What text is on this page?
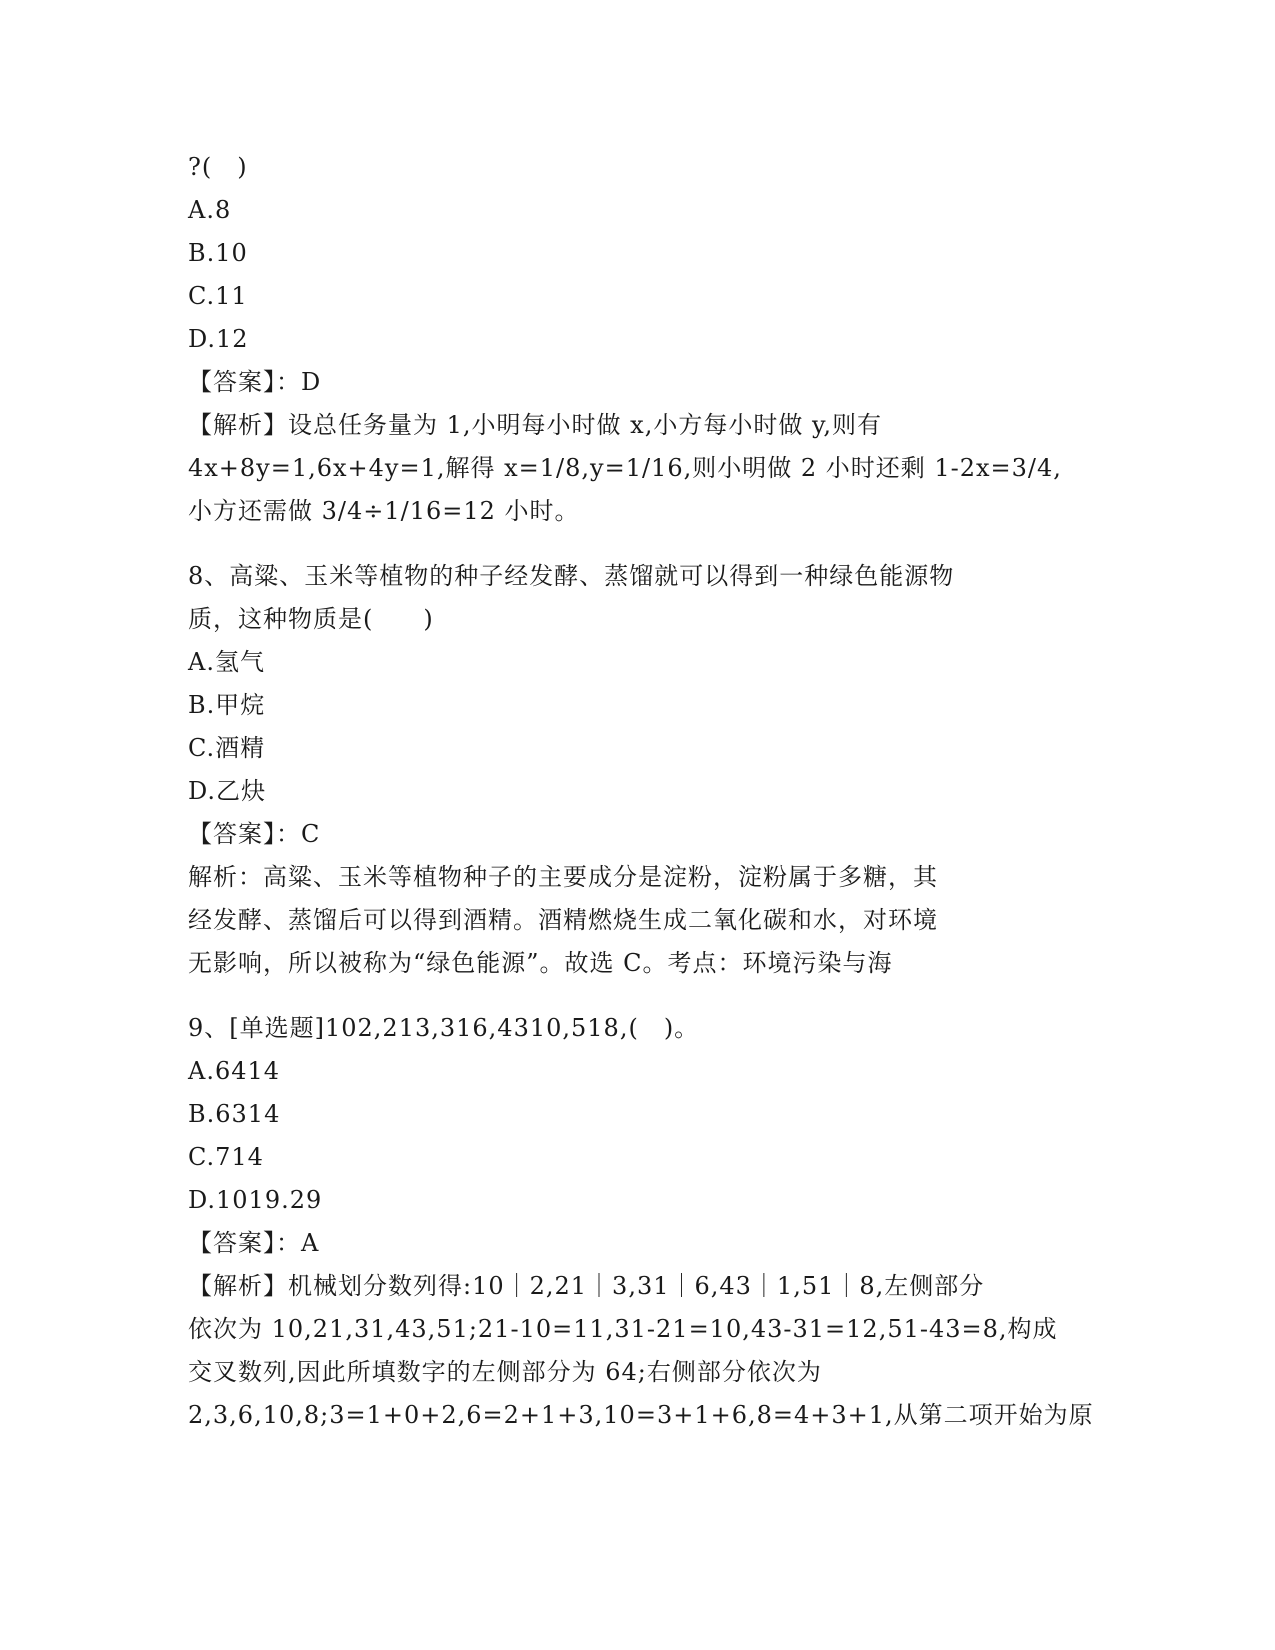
?(　)
A.8
B.10
C.11
D.12
【答案】：D
【解析】设总任务量为 1,小明每小时做 x,小方每小时做 y,则有
4x+8y=1,6x+4y=1,解得 x=1/8,y=1/16,则小明做 2 小时还剩 1-2x=3/4,
小方还需做 3/4÷1/16=12 小时。
8、高粱、玉米等植物的种子经发酵、蒸馏就可以得到一种绿色能源物
质，这种物质是(　　)
A.氢气
B.甲烷
C.酒精
D.乙炔
【答案】：C
解析：高粱、玉米等植物种子的主要成分是淀粉，淀粉属于多糖，其
经发酵、蒸馏后可以得到酒精。酒精燃烧生成二氧化碳和水，对环境
无影响，所以被称为“绿色能源”。故选 C。考点：环境污染与海
9、[单选题]102,213,316,4310,518,(　)。
A.6414
B.6314
C.714
D.1019.29
【答案】：A
【解析】机械划分数列得:10｜2,21｜3,31｜6,43｜1,51｜8,左侧部分
依次为 10,21,31,43,51;21-10=11,31-21=10,43-31=12,51-43=8,构成
交叉数列,因此所填数字的左侧部分为 64;右侧部分依次为
2,3,6,10,8;3=1+0+2,6=2+1+3,10=3+1+6,8=4+3+1,从第二项开始为原
